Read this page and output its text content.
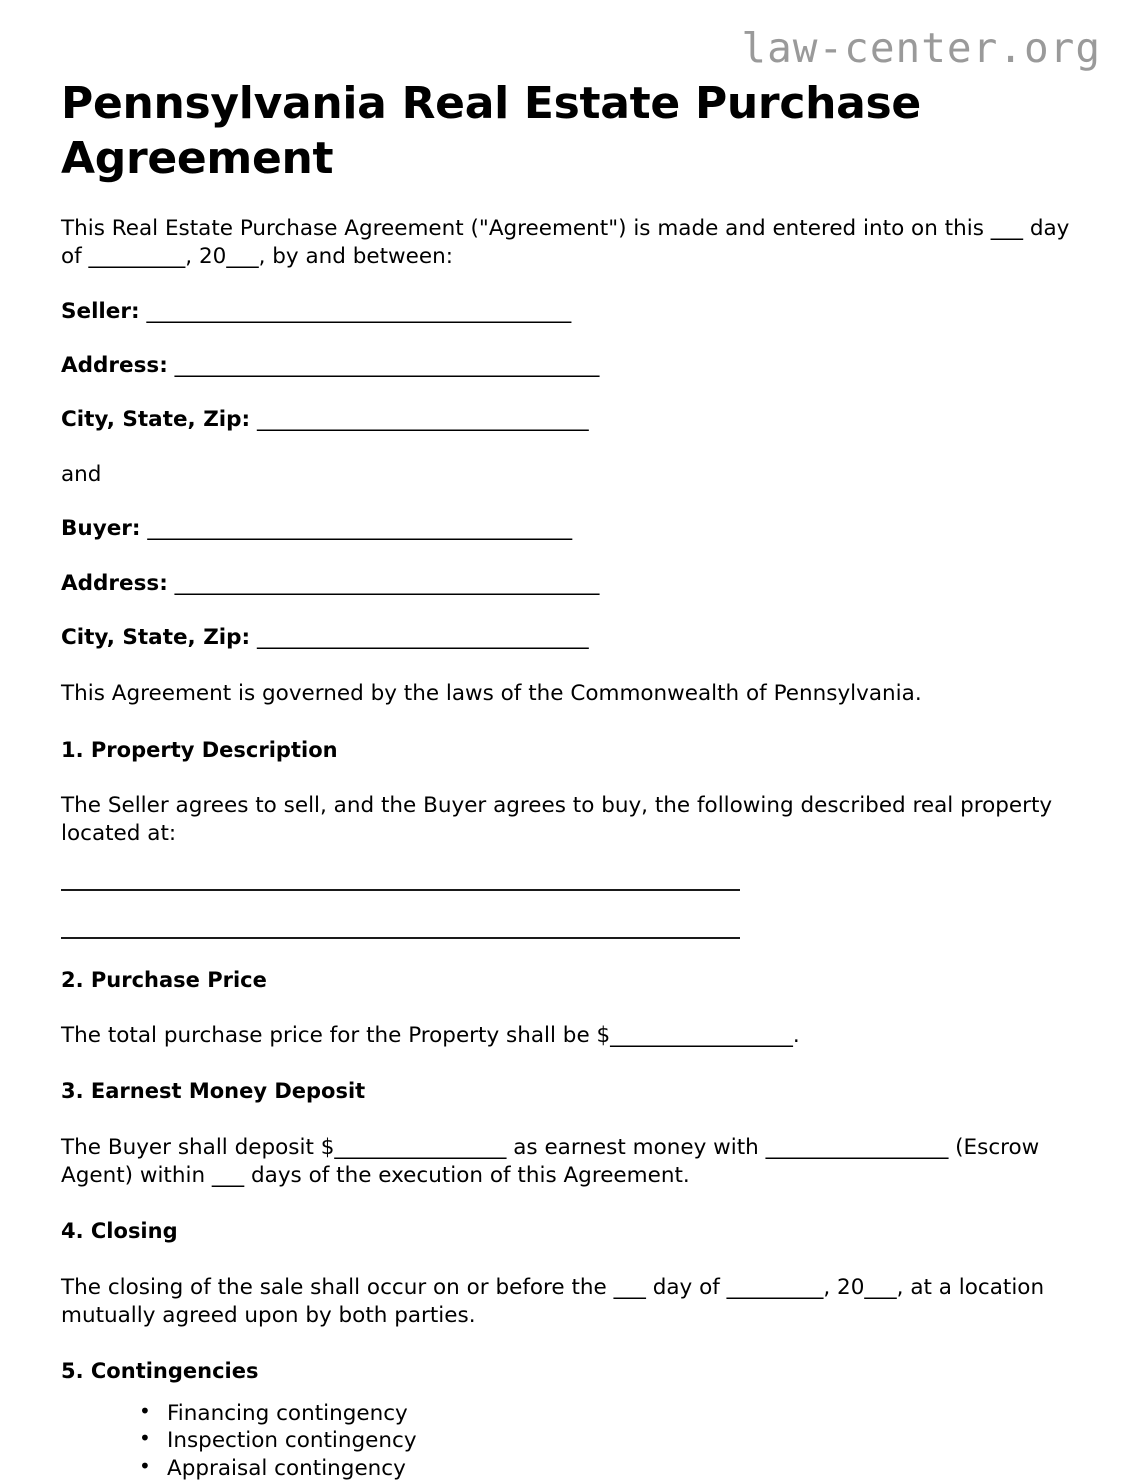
law-center.org
Pennsylvania Real Estate Purchase Agreement

This Real Estate Purchase Agreement ("Agreement") is made and entered into on this ___ day of _________, 20___, by and between:

Seller: _________________________________________

Address: _________________________________________

City, State, Zip: ________________________________

and

Buyer: _________________________________________

Address: _________________________________________

City, State, Zip: ________________________________

This Agreement is governed by the laws of the Commonwealth of Pennsylvania.

1. Property Description

The Seller agrees to sell, and the Buyer agrees to buy, the following described real property located at:

2. Purchase Price

The total purchase price for the Property shall be $_________________.

3. Earnest Money Deposit

The Buyer shall deposit $________________ as earnest money with _________________ (Escrow Agent) within ___ days of the execution of this Agreement.

4. Closing

The closing of the sale shall occur on or before the ___ day of _________, 20___, at a location mutually agreed upon by both parties.

5. Contingencies
• Financing contingency
• Inspection contingency
• Appraisal contingency
